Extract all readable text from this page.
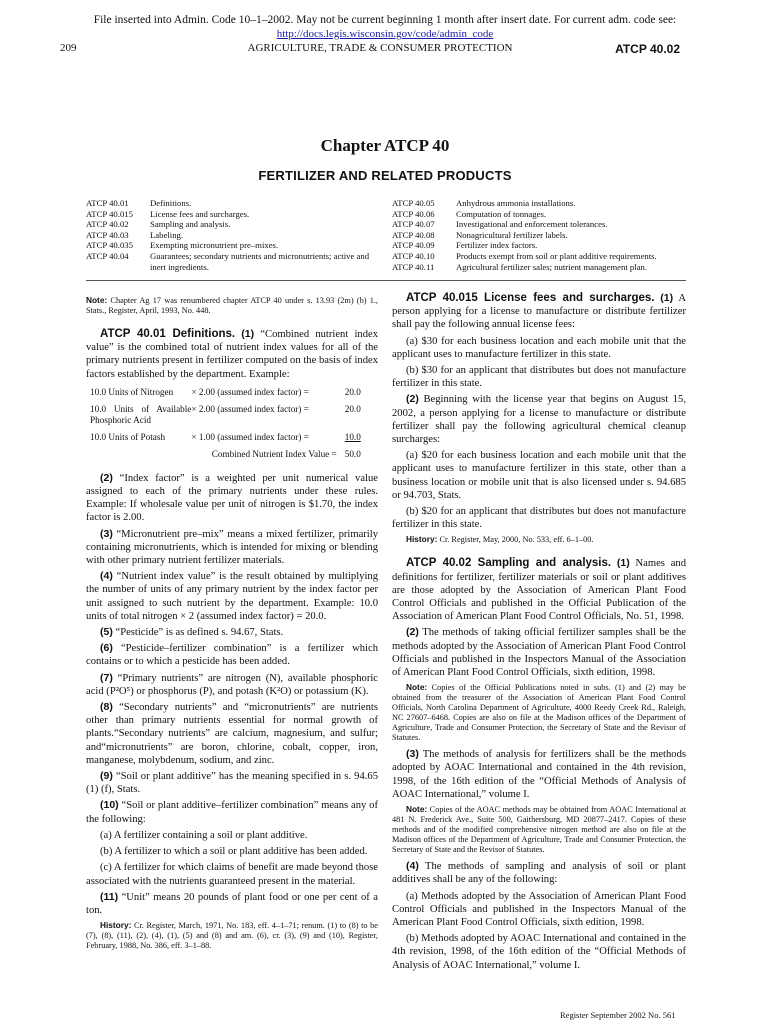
File inserted into Admin. Code 10–1–2002. May not be current beginning 1 month after insert date. For current adm. code see:
http://docs.legis.wisconsin.gov/code/admin_code
209	AGRICULTURE, TRADE & CONSUMER PROTECTION	ATCP 40.02
Chapter ATCP 40
FERTILIZER AND RELATED PRODUCTS
ATCP 40.01	Definitions.
ATCP 40.015	License fees and surcharges.
ATCP 40.02	Sampling and analysis.
ATCP 40.03	Labeling.
ATCP 40.035	Exempting micronutrient pre–mixes.
ATCP 40.04	Guarantees; secondary nutrients and micronutrients; active and inert ingredients.
ATCP 40.05	Anhydrous ammonia installations.
ATCP 40.06	Computation of tonnages.
ATCP 40.07	Investigational and enforcement tolerances.
ATCP 40.08	Nonagricultural fertilizer labels.
ATCP 40.09	Fertilizer index factors.
ATCP 40.10	Products exempt from soil or plant additive requirements.
ATCP 40.11	Agricultural fertilizer sales; nutrient management plan.
Note: Chapter Ag 17 was renumbered chapter ATCP 40 under s. 13.93 (2m) (b) 1., Stats., Register, April, 1993, No. 448.

ATCP 40.01 Definitions. (1) “Combined nutrient index value” is the combined total of nutrient index values for all of the primary nutrients present in fertilizer computed on the basis of index factors established by the department. Example:

10.0 Units of Nitrogen	× 2.00 (assumed index factor) =	20.0
10.0 Units of Available Phosphoric Acid	× 2.00 (assumed index factor) =	20.0
10.0 Units of Potash	× 1.00 (assumed index factor) =	10.0
	Combined Nutrient Index Value =	50.0

(2) “Index factor” is a weighted per unit numerical value assigned to each of the primary nutrients under these rules. Example: If wholesale value per unit of nitrogen is $1.70, the index factor is 2.00.

(3) “Micronutrient pre–mix” means a mixed fertilizer, primarily containing micronutrients, which is intended for mixing or blending with other primary nutrient fertilizer materials.

(4) “Nutrient index value” is the result obtained by multiplying the number of units of any primary nutrient by the index factor per unit assigned to such nutrient by the department. Example: 10.0 units of total nitrogen × 2 (assumed index factor) = 20.0.

(5) “Pesticide” is as defined s. 94.67, Stats.

(6) “Pesticide–fertilizer combination” is a fertilizer which contains or to which a pesticide has been added.

(7) “Primary nutrients” are nitrogen (N), available phosphoric acid (P²O⁵) or phosphorus (P), and potash (K²O) or potassium (K).

(8) “Secondary nutrients” and “micronutrients” are nutrients other than primary nutrients essential for normal growth of plants.“Secondary nutrients” are calcium, magnesium, and sulfur; and“micronutrients” are boron, chlorine, cobalt, copper, iron, manganese, molybdenum, sodium, and zinc.

(9) “Soil or plant additive” has the meaning specified in s. 94.65 (1) (f), Stats.

(10) “Soil or plant additive–fertilizer combination” means any of the following:

(a) A fertilizer containing a soil or plant additive.

(b) A fertilizer to which a soil or plant additive has been added.

(c) A fertilizer for which claims of benefit are made beyond those associated with the nutrients guaranteed present in the material.

(11) “Unit” means 20 pounds of plant food or one per cent of a ton.

History: Cr. Register, March, 1971, No. 183, eff. 4–1–71; renum. (1) to (8) to be (7), (8), (11), (2), (4), (1), (5) and (8) and am. (6), cr. (3), (9) and (10), Register, February, 1988, No. 386, eff. 3–1–88.

ATCP 40.015 License fees and surcharges. (1) A person applying for a license to manufacture or distribute fertilizer shall pay the following annual license fees:

(a) $30 for each business location and each mobile unit that the applicant uses to manufacture fertilizer in this state.

(b) $30 for an applicant that distributes but does not manufacture fertilizer in this state.

(2) Beginning with the license year that begins on August 15, 2002, a person applying for a license to manufacture or distribute fertilizer shall pay the following agricultural chemical cleanup surcharges:

(a) $20 for each business location and each mobile unit that the applicant uses to manufacture fertilizer in this state, other than a business location or mobile unit that is also licensed under s. 94.685 or 94.703, Stats.

(b) $20 for an applicant that distributes but does not manufacture fertilizer in this state.

History: Cr. Register, May, 2000, No. 533, eff. 6–1–00.

ATCP 40.02 Sampling and analysis. (1) Names and definitions for fertilizer, fertilizer materials or soil or plant additives are those adopted by the Association of American Plant Food Control Officials and published in the Official Publication of the Association of American Plant Food Control Officials, No. 51, 1998.

(2) The methods of taking official fertilizer samples shall be the methods adopted by the Association of American Plant Food Control Officials and published in the Inspectors Manual of the Association of American Plant Food Control Officials, sixth edition, 1998.

Note: Copies of the Official Publications noted in subs. (1) and (2) may be obtained from the treasurer of the Association of American Plant Food Control Officials, North Carolina Department of Agriculture, 4000 Reedy Creek Rd., Raleigh, NC 27607–6468. Copies are also on file at the Madison offices of the Department of Agriculture, Trade and Consumer Protection, the Secretary of State and the Revisor of Statutes.

(3) The methods of analysis for fertilizers shall be the methods adopted by AOAC International and contained in the 4th revision, 1998, of the 16th edition of the “Official Methods of Analysis of AOAC International,” volume I.

Note: Copies of the AOAC methods may be obtained from AOAC International at 481 N. Frederick Ave., Suite 500, Gaithersburg, MD 20877–2417. Copies of these methods and of the modified comprehensive nitrogen method are also on file at the Madison offices of the Department of Agriculture, Trade and Consumer Protection, the Secretary of State and the Revisor of Statutes.

(4) The methods of sampling and analysis of soil or plant additives shall be any of the following:

(a) Methods adopted by the Association of American Plant Food Control Officials and published in the Inspectors Manual of the American Plant Food Control Officials, sixth edition, 1998.

(b) Methods adopted by AOAC International and contained in the 4th revision, 1998, of the 16th edition of the “Official Methods of Analysis of AOAC International,” volume I.

Register September 2002 No. 561
